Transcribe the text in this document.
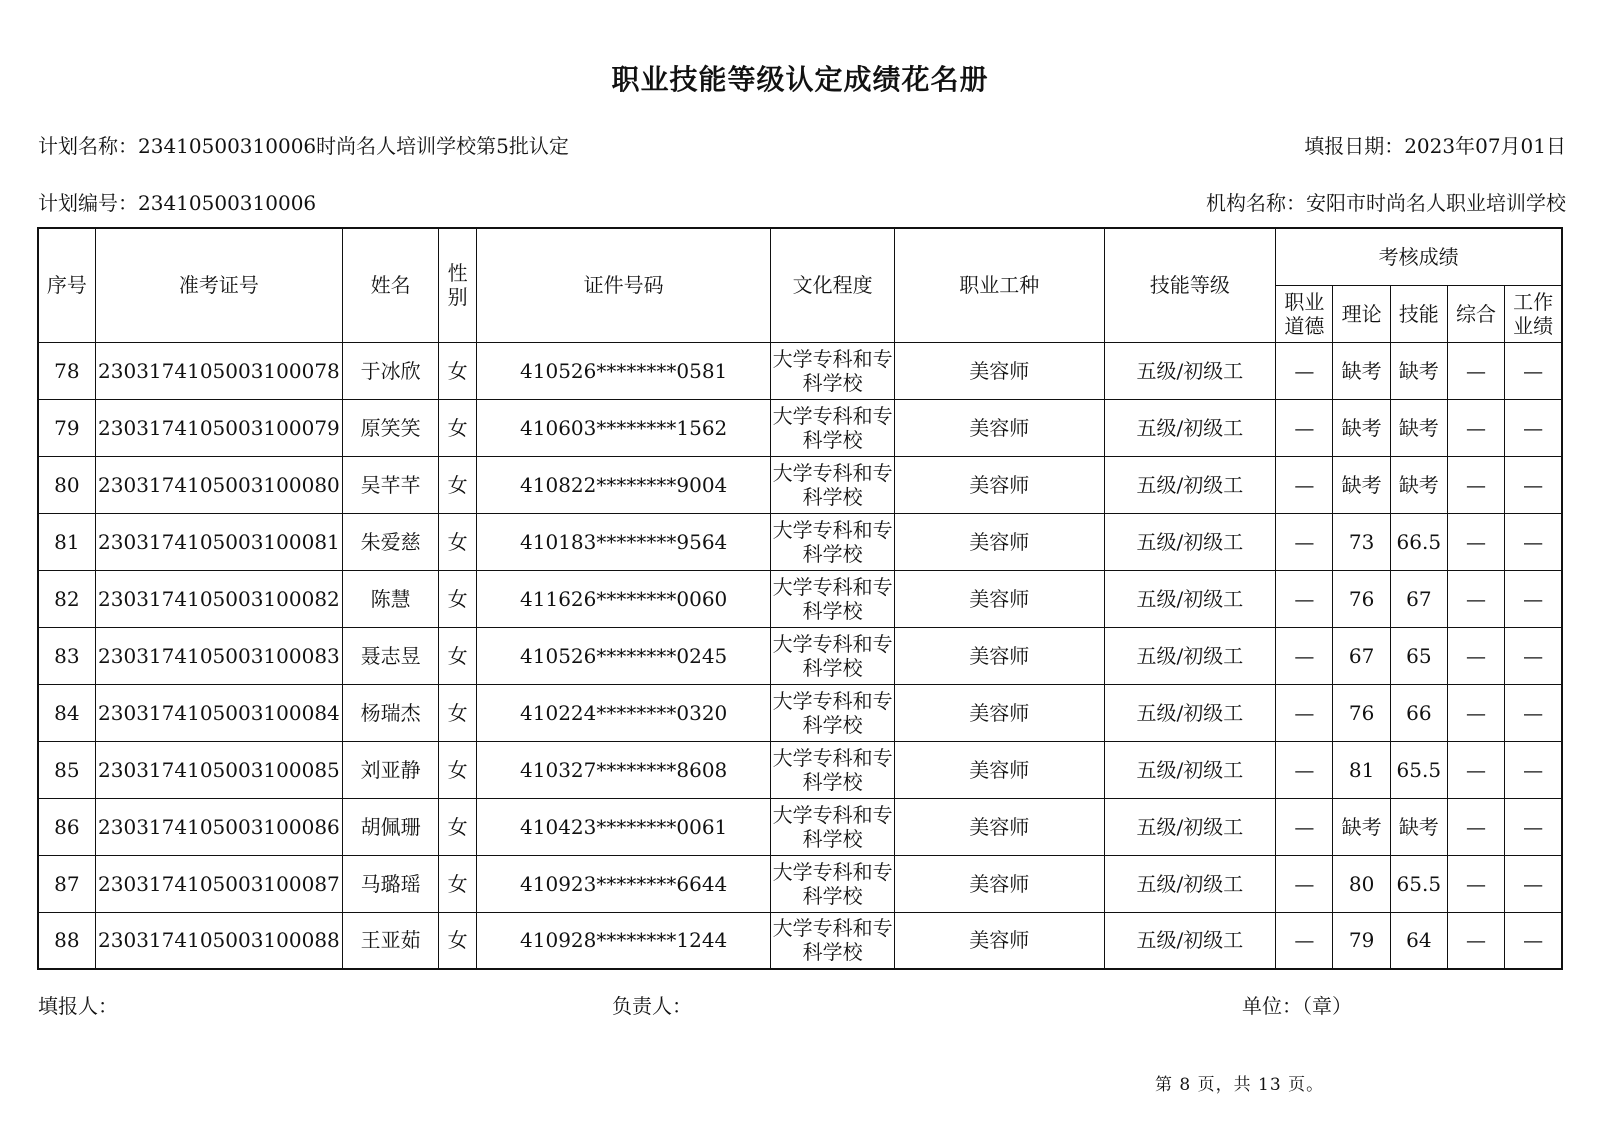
职业技能等级认定成绩花名册
计划名称：23410500310006时尚名人培训学校第5批认定	填报日期：2023年07月01日
计划编号：23410500310006	机构名称：安阳市时尚名人职业培训学校
序号	准考证号	姓名	性别	证件号码	文化程度	职业工种	技能等级	考核成绩				
								职业道德	理论	技能	综合	工作业绩
78	2303174105003100078	于冰欣	女	410526********0581	大学专科和专科学校	美容师	五级/初级工	—	缺考	缺考	—	—
79	2303174105003100079	原笑笑	女	410603********1562	大学专科和专科学校	美容师	五级/初级工	—	缺考	缺考	—	—
80	2303174105003100080	吴芊芊	女	410822********9004	大学专科和专科学校	美容师	五级/初级工	—	缺考	缺考	—	—
81	2303174105003100081	朱爱慈	女	410183********9564	大学专科和专科学校	美容师	五级/初级工	—	73	66.5	—	—
82	2303174105003100082	陈慧	女	411626********0060	大学专科和专科学校	美容师	五级/初级工	—	76	67	—	—
83	2303174105003100083	聂志昱	女	410526********0245	大学专科和专科学校	美容师	五级/初级工	—	67	65	—	—
84	2303174105003100084	杨瑞杰	女	410224********0320	大学专科和专科学校	美容师	五级/初级工	—	76	66	—	—
85	2303174105003100085	刘亚静	女	410327********8608	大学专科和专科学校	美容师	五级/初级工	—	81	65.5	—	—
86	2303174105003100086	胡佩珊	女	410423********0061	大学专科和专科学校	美容师	五级/初级工	—	缺考	缺考	—	—
87	2303174105003100087	马璐瑶	女	410923********6644	大学专科和专科学校	美容师	五级/初级工	—	80	65.5	—	—
88	2303174105003100088	王亚茹	女	410928********1244	大学专科和专科学校	美容师	五级/初级工	—	79	64	—	—
填报人：	负责人：	单位：（章）
第 8 页，共 13 页。
